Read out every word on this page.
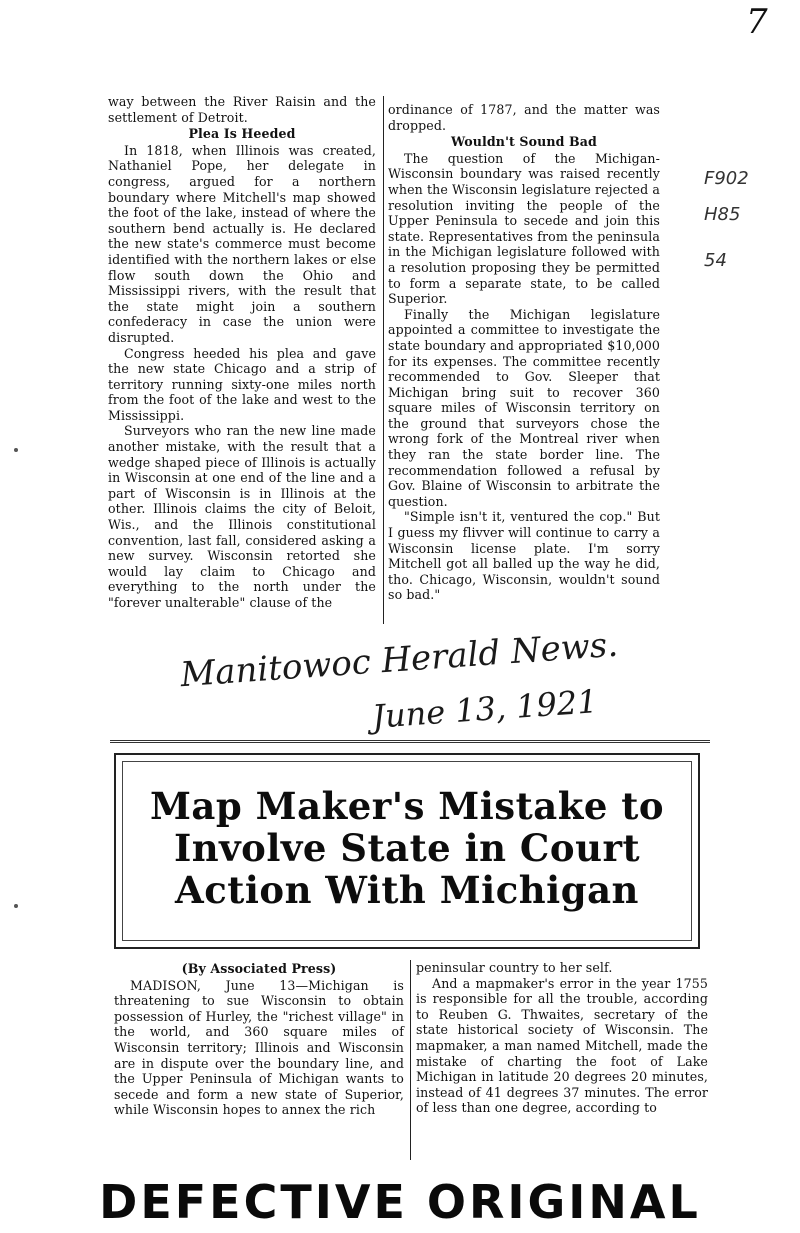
7
F902
H85
54

way between the River Raisin and the settlement of Detroit.

Plea Is Heeded

In 1818, when Illinois was created, Nathaniel Pope, her delegate in congress, argued for a northern boundary where Mitchell's map showed the foot of the lake, instead of where the southern bend actually is. He declared the new state's commerce must become identified with the northern lakes or else flow south down the Ohio and Mississippi rivers, with the result that the state might join a southern confederacy in case the union were disrupted.

Congress heeded his plea and gave the new state Chicago and a strip of territory running sixty-one miles north from the foot of the lake and west to the Mississippi.

Surveyors who ran the new line made another mistake, with the result that a wedge shaped piece of Illinois is actually in Wisconsin at one end of the line and a part of Wisconsin is in Illinois at the other. Illinois claims the city of Beloit, Wis., and the Illinois constitutional convention, last fall, considered asking a new survey. Wisconsin retorted she would lay claim to Chicago and everything to the north under the "forever unalterable" clause of the

ordinance of 1787, and the matter was dropped.

Wouldn't Sound Bad

The question of the Michigan-Wisconsin boundary was raised recently when the Wisconsin legislature rejected a resolution inviting the people of the Upper Peninsula to secede and join this state. Representatives from the peninsula in the Michigan legislature followed with a resolution proposing they be permitted to form a separate state, to be called Superior.

Finally the Michigan legislature appointed a committee to investigate the state boundary and appropriated $10,000 for its expenses. The committee recently recommended to Gov. Sleeper that Michigan bring suit to recover 360 square miles of Wisconsin territory on the ground that surveyors chose the wrong fork of the Montreal river when they ran the state border line. The recommendation followed a refusal by Gov. Blaine of Wisconsin to arbitrate the question.

"Simple isn't it, ventured the cop." But I guess my flivver will continue to carry a Wisconsin license plate. I'm sorry Mitchell got all balled up the way he did, tho. Chicago, Wisconsin, wouldn't sound so bad."

Manitowoc Herald News.
June 13, 1921
Map Maker's Mistake to
Involve State in Court
Action With Michigan

(By Associated Press)

MADISON, June 13—Michigan is threatening to sue Wisconsin to obtain possession of Hurley, the "richest village" in the world, and 360 square miles of Wisconsin territory; Illinois and Wisconsin are in dispute over the boundary line, and the Upper Peninsula of Michigan wants to secede and form a new state of Superior, while Wisconsin hopes to annex the rich

peninsular country to her self.

And a mapmaker's error in the year 1755 is responsible for all the trouble, according to Reuben G. Thwaites, secretary of the state historical society of Wisconsin. The mapmaker, a man named Mitchell, made the mistake of charting the foot of Lake Michigan in latitude 20 degrees 20 minutes, instead of 41 degrees 37 minutes. The error of less than one degree, according to

DEFECTIVE ORIGINAL
